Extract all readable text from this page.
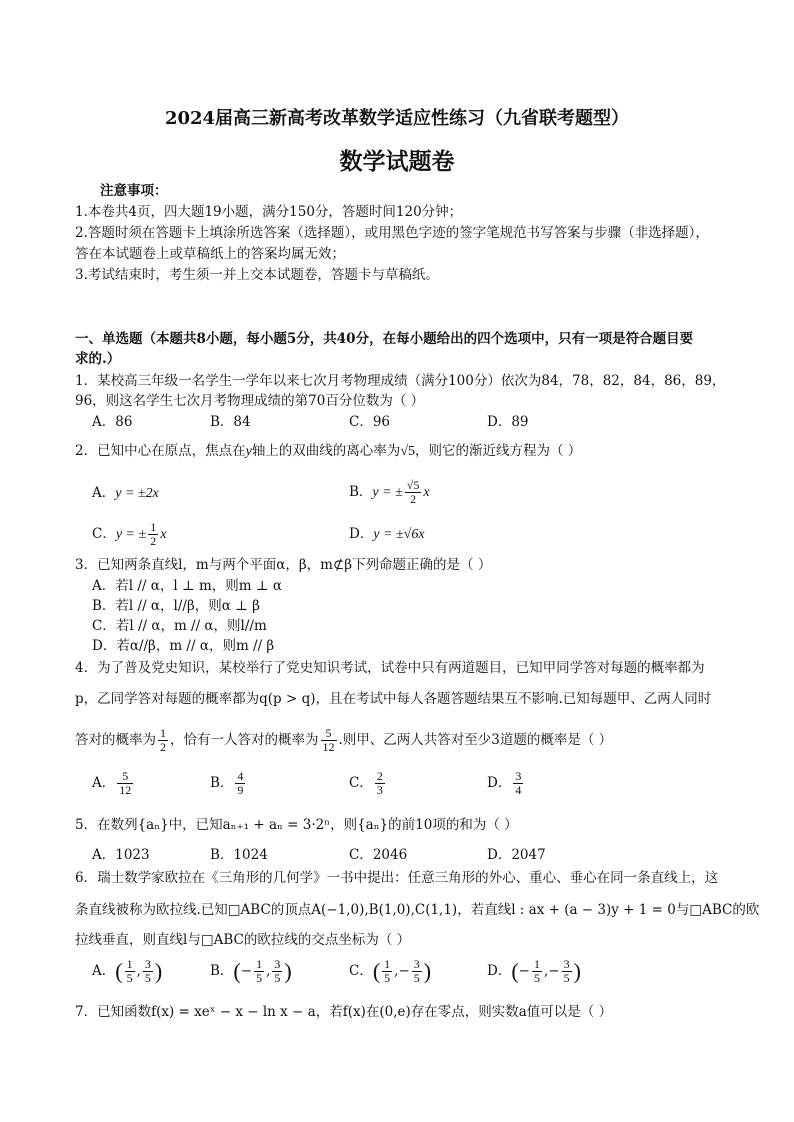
2024届高三新高考改革数学适应性练习（九省联考题型）
数学试题卷
注意事项：
1.本卷共4页，四大题19小题，满分150分，答题时间120分钟；
2.答题时须在答题卡上填涂所选答案（选择题），或用黑色字迹的签字笔规范书写答案与步骤（非选择题），
答在本试题卷上或草稿纸上的答案均属无效；
3.考试结束时，考生须一并上交本试题卷，答题卡与草稿纸。
一、单选题（本题共8小题，每小题5分，共40分，在每小题给出的四个选项中，只有一项是符合题目要
求的.）
1．某校高三年级一名学生一学年以来七次月考物理成绩（满分100分）依次为84，78，82，84，86，89，
96，则这名学生七次月考物理成绩的第70百分位数为（ ）
A．86	B．84	C．96	D．89
2．已知中心在原点，焦点在y轴上的双曲线的离心率为√5，则它的渐近线方程为（ ）
A．y = ±2x	B．y = ± $\frac{√5}{2}$ x
C．y = ± $\frac{1}{2}$ x	D．y = ±√6x
3．已知两条直线l，m与两个平面α，β，m⊄β下列命题正确的是（ ）
A．若l // α，l ⊥ m，则m ⊥ α
B．若l // α，l//β，则α ⊥ β
C．若l // α，m // α，则l//m
D．若α//β，m // α，则m // β
4．为了普及党史知识，某校举行了党史知识考试，试卷中只有两道题目，已知甲同学答对每题的概率都为
p，乙同学答对每题的概率都为q(p > q)，且在考试中每人各题答题结果互不影响.已知每题甲、乙两人同时
答对的概率为 $\frac{1}{2}$ ，恰有一人答对的概率为 $\frac{5}{12}$ .则甲、乙两人共答对至少3道题的概率是（ ）
A． $\frac{5}{12}$	B． $\frac{4}{9}$	C． $\frac{2}{3}$	D． $\frac{3}{4}$
5．在数列{aₙ}中，已知aₙ₊₁ + aₙ = 3·2ⁿ，则{aₙ}的前10项的和为（ ）
A．1023	B．1024	C．2046	D．2047
6．瑞士数学家欧拉在《三角形的几何学》一书中提出：任意三角形的外心、重心、垂心在同一条直线上，这
条直线被称为欧拉线.已知□ABC的顶点A(−1,0),B(1,0),C(1,1)，若直线l : ax + (a − 3)y + 1 = 0与□ABC的欧
拉线垂直，则直线l与□ABC的欧拉线的交点坐标为（ ）
A．( $\frac{1}{5}$ , $\frac{3}{5}$ )	B．(− $\frac{1}{5}$ , $\frac{3}{5}$ )	C．( $\frac{1}{5}$ ,− $\frac{3}{5}$ )	D．(− $\frac{1}{5}$ ,− $\frac{3}{5}$ )
7．已知函数f(x) = xeˣ − x − ln x − a，若f(x)在(0,e)存在零点，则实数a值可以是（ ）
